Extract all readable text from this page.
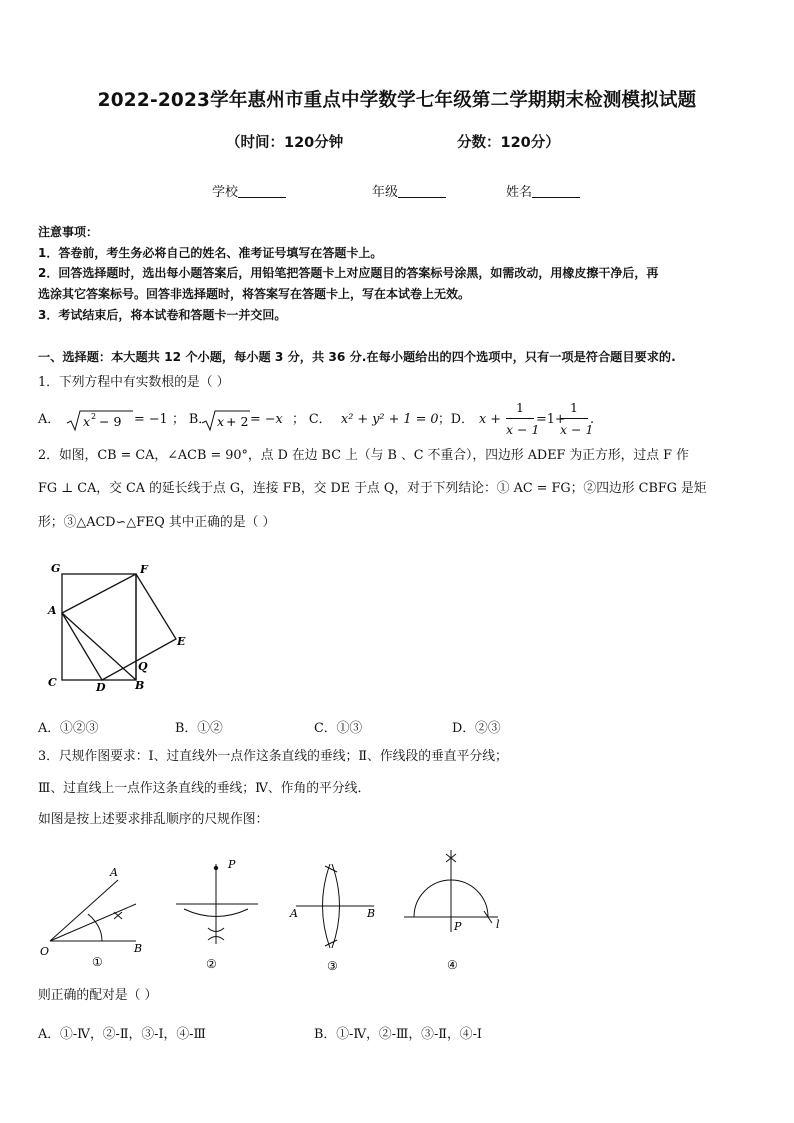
2022-2023学年惠州市重点中学数学七年级第二学期期末检测模拟试题
（时间：120分钟	分数：120分）
学校	年级	姓名
注意事项：
1．答卷前，考生务必将自己的姓名、准考证号填写在答题卡上。
2．回答选择题时，选出每小题答案后，用铅笔把答题卡上对应题目的答案标号涂黑，如需改动，用橡皮擦干净后，再
选涂其它答案标号。回答非选择题时，将答案写在答题卡上，写在本试卷上无效。
3．考试结束后，将本试卷和答题卡一并交回。
一、选择题：本大题共 12 个小题，每小题 3 分，共 36 分.在每小题给出的四个选项中，只有一项是符合题目要求的.
1．下列方程中有实数根的是（ ）
A． x 2 − 9 = −1 ； B． x + 2 = −x ； C． x² + y² + 1 = 0 ；D． $x + \frac{1}{x - 1} =1+$
$\frac{1}{x - 1}$ .
2．如图，CB = CA，∠ACB = 90°，点 D 在边 BC 上（与 B 、C 不重合），四边形 ADEF 为正方形，过点 F 作
FG ⊥ CA，交 CA 的延长线于点 G，连接 FB，交 DE 于点 Q，对于下列结论：① AC = FG；②四边形 CBFG 是矩
形；③△ACD∽△FEQ 其中正确的是（ ）
G	F
A
E
Q
C	D	B
A．①②③	B．①②	C．①③	D．②③
3．尺规作图要求：Ⅰ、过直线外一点作这条直线的垂线；Ⅱ、作线段的垂直平分线；
Ⅲ、过直线上一点作这条直线的垂线；Ⅳ、作角的平分线．
如图是按上述要求排乱顺序的尺规作图：
A
O	B
P
A	B
P	l
①	②	③	④
则正确的配对是（ ）
A．①-Ⅳ，②-Ⅱ，③-Ⅰ，④-Ⅲ	B．①-Ⅳ，②-Ⅲ，③-Ⅱ，④-Ⅰ
